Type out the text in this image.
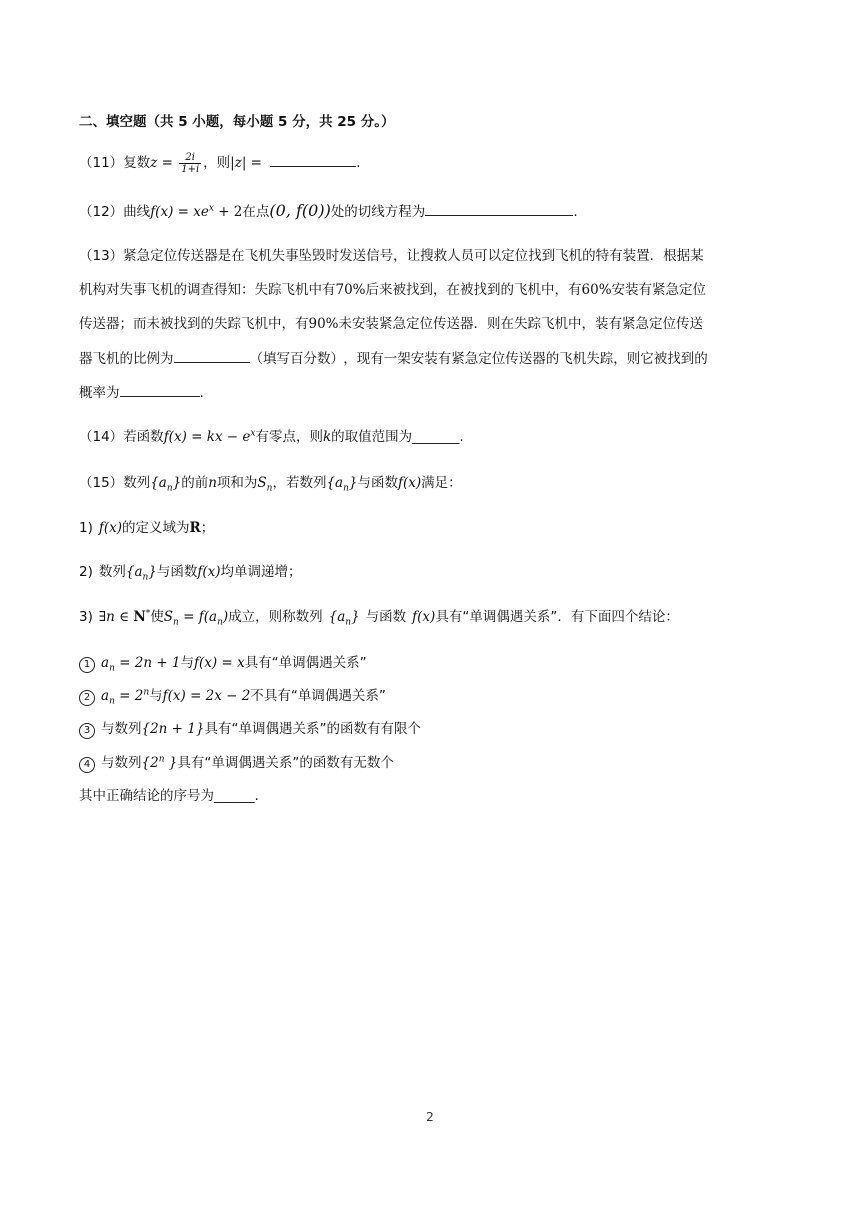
二、填空题（共 5 小题，每小题 5 分，共 25 分。）
（11）复数$z = \frac{2i}{1+i}$ ，则|z| =	.
（12）曲线$f(x) = xe^x + 2$在点(0, f(0))处的切线方程为	.
（13）紧急定位传送器是在飞机失事坠毁时发送信号，让搜救人员可以定位找到飞机的特有装置．根据某
机构对失事飞机的调查得知：失踪飞机中有70%后来被找到，在被找到的飞机中，有60%安装有紧急定位
传送器；而未被找到的失踪飞机中，有90%未安装紧急定位传送器．则在失踪飞机中，装有紧急定位传送
器飞机的比例为	（填写百分数） ，现有一架安装有紧急定位传送器的飞机失踪，则它被找到的
概率为	.
（14）若函数f(x) = kx − $e^x$有零点，则k的取值范围为_______.
（15）数列$\{a_n\}$的前n项和为$S_n$，若数列$\{a_n\}$与函数f(x)满足：
1) f(x)的定义域为R；
2) 数列$\{a_n\}$与函数f(x)均单调递增；
3) ∃n ∈ N*使$S_n = f(a_n)$成立，则称数列 $\{a_n\}$ 与函数 f(x)具有“单调偶遇关系”．有下面四个结论：
1 $a_n = 2n + 1$与f(x) = x具有“单调偶遇关系”
2 $a_n = 2^n$与f(x) = 2x − 2不具有“单调偶遇关系”
3 与数列{2n + 1}具有“单调偶遇关系”的函数有有限个
4 与数列{2$^n$ }具有“单调偶遇关系”的函数有无数个
其中正确结论的序号为______.
2
